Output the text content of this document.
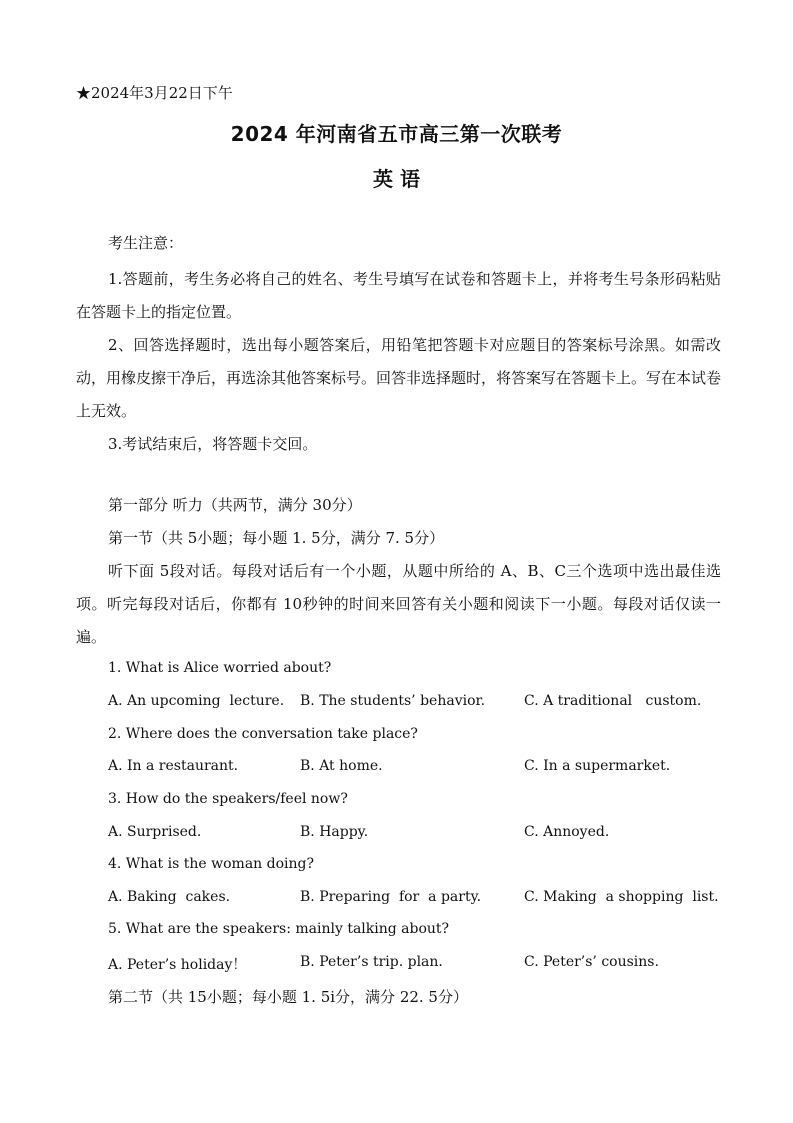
★2024年3月22日下午
2024 年河南省五市高三第一次联考
英 语
考生注意：

1.答题前，考生务必将自己的姓名、考生号填写在试卷和答题卡上，并将考生号条形码粘贴在答题卡上的指定位置。

2、回答选择题时，选出每小题答案后，用铅笔把答题卡对应题目的答案标号涂黑。如需改动，用橡皮擦干净后，再选涂其他答案标号。回答非选择题时，将答案写在答题卡上。写在本试卷上无效。

3.考试结束后，将答题卡交回。

第一部分 听力（共两节，满分 30分）
第一节（共 5小题；每小题 1. 5分，满分 7. 5分）

听下面 5段对话。每段对话后有一个小题，从题中所给的 A、B、C三个选项中选出最佳选项。听完每段对话后，你都有 10秒钟的时间来回答有关小题和阅读下一小题。每段对话仅读一遍。

1. What is Alice worried about?
A. An upcoming  lecture. B. The students’ behavior.	C. A traditional   custom.
2. Where does the conversation take place?
A. In a restaurant.	B. At home.	C. In a supermarket.
3. How do the speakers/feel now?
A. Surprised.	B. Happy.	C. Annoyed.
4. What is the woman doing?
A. Baking  cakes.	B. Preparing  for  a party.	C. Making  a shopping  list.
5. What are the speakers: mainly talking about?
A. Peter’s holiday！	B. Peter’s trip. plan.	C. Peter’s’ cousins.
第二节（共 15小题；每小题 1. 5i分，满分 22. 5分）
